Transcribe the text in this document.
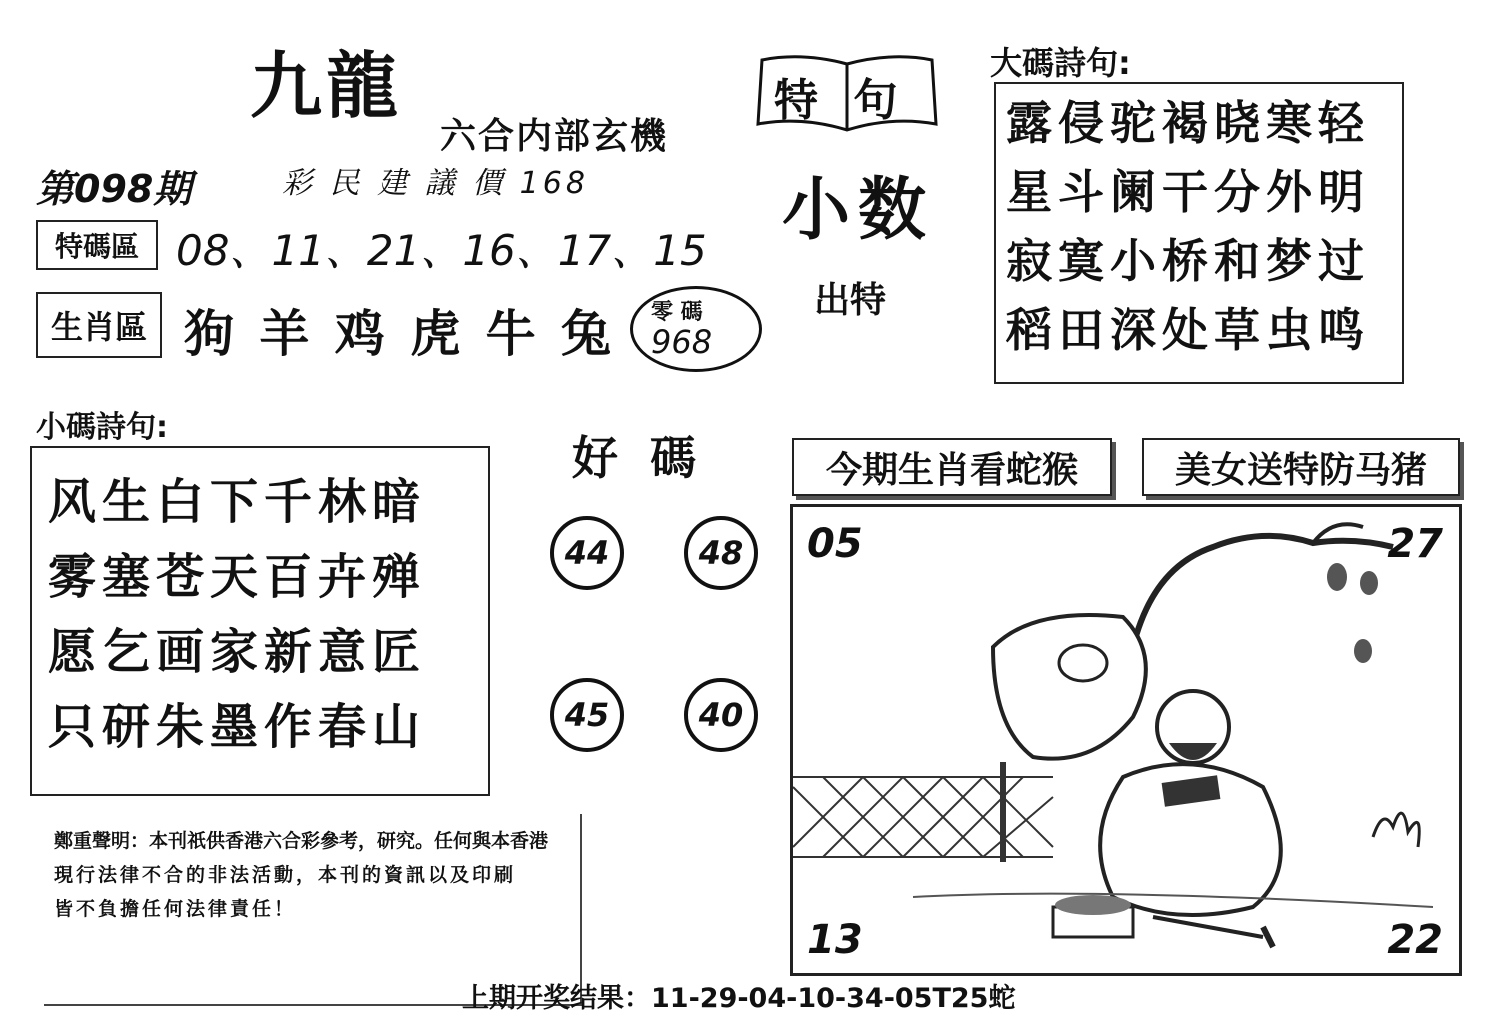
九龍
六合内部玄機
第098期	彩 民 建 議 價 168
特碼區 08、11、21、16、17、15
生肖區 狗 羊 鸡 虎 牛 兔 零 碼
968
特 句
小数
出特
大碼詩句:
露侵驼褐晓寒轻
星斗阑干分外明
寂寞小桥和梦过
稻田深处草虫鸣
小碼詩句:
风生白下千林暗
雾塞苍天百卉殚
愿乞画家新意匠
只研朱墨作春山
好 碼
44	48
45	40
今期生肖看蛇猴	美女送特防马猪
05	27
13	22
鄭重聲明：本刊祇供香港六合彩參考，研究。任何與本香港
現行法律不合的非法活動，本刊的資訊以及印刷
皆不負擔任何法律責任！
上期开奖结果：11-29-04-10-34-05T25蛇
